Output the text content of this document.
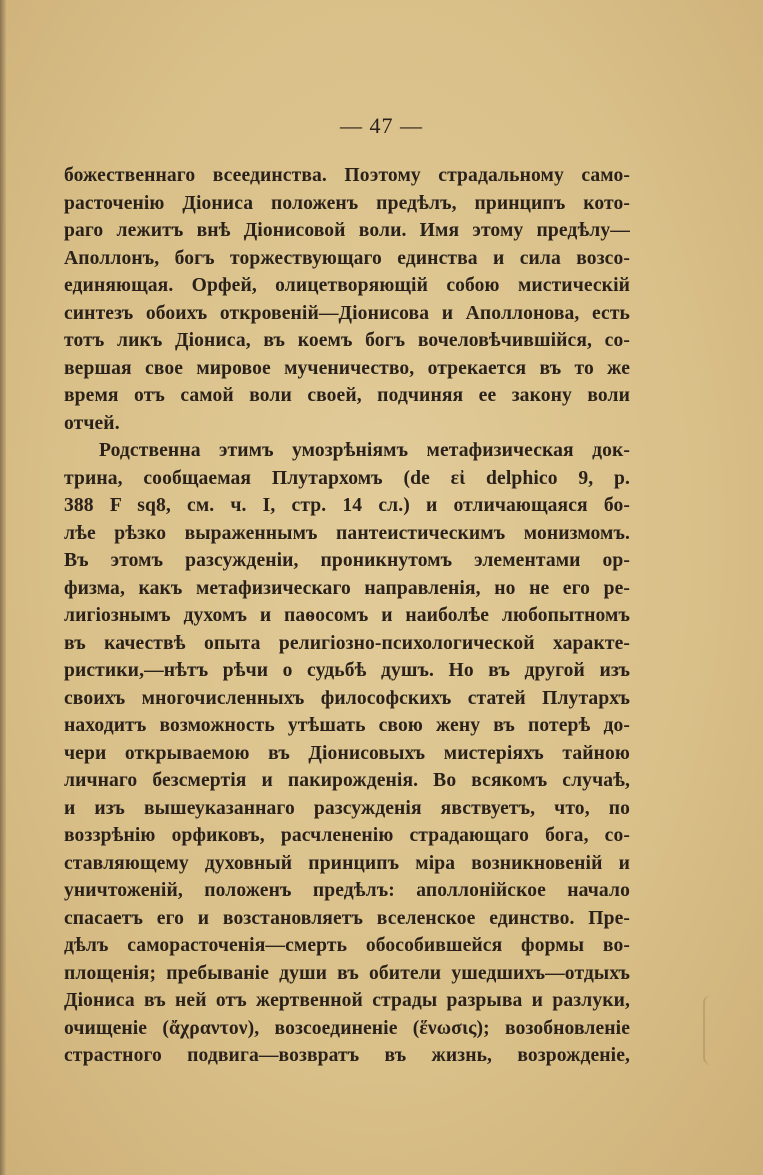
— 47 —
божественнаго всеединства. Поэтому страдальному само-
расточенію Діониса положенъ предѣлъ, принципъ кото-
раго лежитъ внѣ Діонисовой воли. Имя этому предѣлу—
Аполлонъ, богъ торжествующаго единства и сила возсо-
единяющая. Орфей, олицетворяющій собою мистическій
синтезъ обоихъ откровеній—Діонисова и Аполлонова, есть
тотъ ликъ Діониса, въ коемъ богъ вочеловѣчившійся, со-
вершая свое мировое мученичество, отрекается въ то же
время отъ самой воли своей, подчиняя ее закону воли
отчей.
Родственна этимъ умозрѣніямъ метафизическая док-
трина, сообщаемая Плутархомъ (de εἰ delphico 9, p.
388 F sq8, см. ч. I, стр. 14 сл.) и отличающаяся бо-
лѣе рѣзко выраженнымъ пантеистическимъ монизмомъ.
Въ этомъ разсужденіи, проникнутомъ элементами ор-
физма, какъ метафизическаго направленія, но не его ре-
лигіознымъ духомъ и паѳосомъ и наиболѣе любопытномъ
въ качествѣ опыта религіозно-психологической характе-
ристики,—нѣтъ рѣчи о судьбѣ душъ. Но въ другой изъ
своихъ многочисленныхъ философскихъ статей Плутархъ
находитъ возможность утѣшать свою жену въ потерѣ до-
чери открываемою въ Діонисовыхъ мистеріяхъ тайною
личнаго безсмертія и пакирожденія. Во всякомъ случаѣ,
и изъ вышеуказаннаго разсужденія явствуетъ, что, по
воззрѣнію орфиковъ, расчлененію страдающаго бога, со-
ставляющему духовный принципъ міра возникновеній и
уничтоженій, положенъ предѣлъ: аполлонійское начало
спасаетъ его и возстановляетъ вселенское единство. Пре-
дѣлъ саморасточенія—смерть обособившейся формы во-
площенія; пребываніе души въ обители ушедшихъ—отдыхъ
Діониса въ ней отъ жертвенной страды разрыва и разлуки,
очищеніе (ἄχραντον), возсоединеніе (ἕνωσις); возобновленіе
страстного подвига—возвратъ въ жизнь, возрожденіе,
